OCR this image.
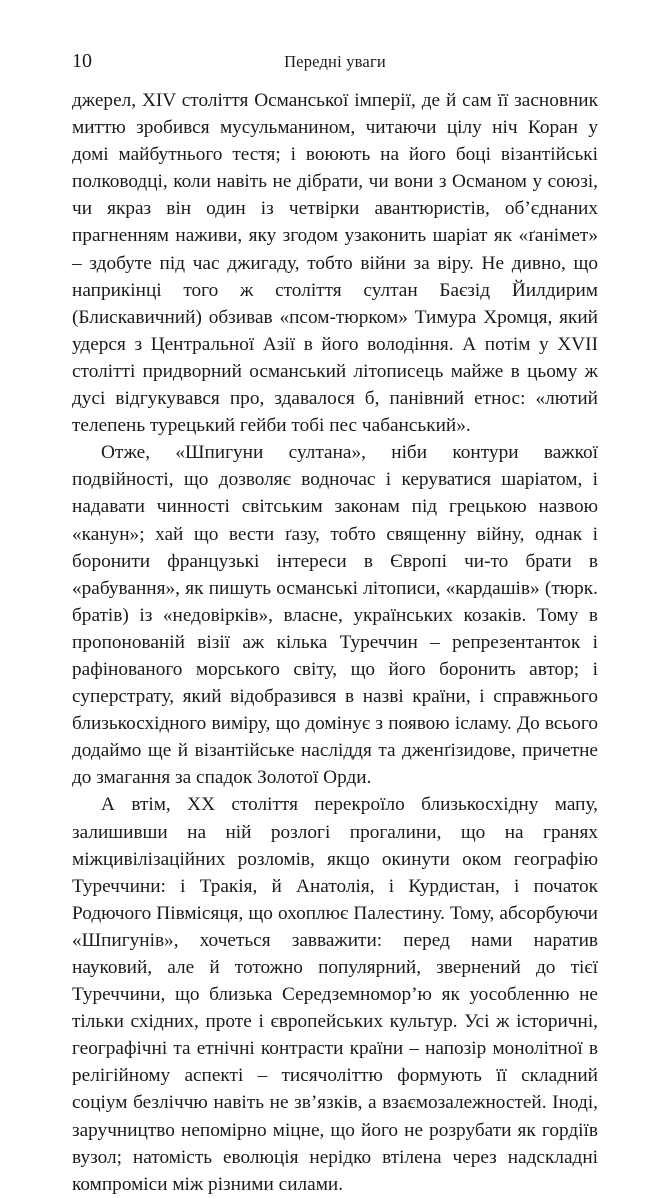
10	Передні уваги

джерел, XIV століття Османської імперії, де й сам її засновник миттю зробився мусульманином, читаючи цілу ніч Коран у домі майбутнього тестя; і воюють на його боці візантійські полководці, коли навіть не дібрати, чи вони з Османом у союзі, чи якраз він один із четвірки авантюристів, об’єднаних прагненням наживи, яку згодом узаконить шаріат як «ґанімет» – здобуте під час джигаду, тобто війни за віру. Не дивно, що наприкінці того ж століття султан Баєзід Йилдирим (Блискавичний) обзивав «псом-тюрком» Тимура Хромця, який удерся з Центральної Азії в його володіння. А потім у XVII столітті придворний османський літописець майже в цьому ж дусі відгукувався про, здавалося б, панівний етнос: «лютий телепень турецький гейби тобі пес чабанський».

Отже, «Шпигуни султана», ніби контури важкої подвійності, що дозволяє водночас і керуватися шаріатом, і надавати чинності світським законам під грецькою назвою «канун»; хай що вести ґазу, тобто священну війну, однак і боронити французькі інтереси в Європі чи-то брати в «рабування», як пишуть османські літописи, «кардашів» (тюрк. братів) із «недовірків», власне, українських козаків. Тому в пропонованій візії аж кілька Туреччин – репрезентанток і рафінованого морського світу, що його боронить автор; і суперстрату, який відобразився в назві країни, і справжнього близькосхідного виміру, що домінує з появою ісламу. До всього додаймо ще й візантійське насліддя та дженґізидове, причетне до змагання за спадок Золотої Орди.

А втім, XX століття перекроїло близькосхідну мапу, залишивши на ній розлогі прогалини, що на гранях міжцивілізаційних розломів, якщо окинути оком географію Туреччини: і Тракія, й Анатолія, і Курдистан, і початок Родючого Півмісяця, що охоплює Палестину. Тому, абсорбуючи «Шпигунів», хочеться завважити: перед нами наратив науковий, але й тотожно популярний, звернений до тієї Туреччини, що близька Середземномор’ю як уособленню не тільки східних, проте і європейських культур. Усі ж історичні, географічні та етнічні контрасти країни – напозір монолітної в релігійному аспекті – тисячоліттю формують її складний соціум безліччю навіть не зв’язків, а взаємозалежностей. Іноді, заручництво непомірно міцне, що його не розрубати як гордіїв вузол; натомість еволюція нерідко втілена через надскладні компроміси між різними силами.
